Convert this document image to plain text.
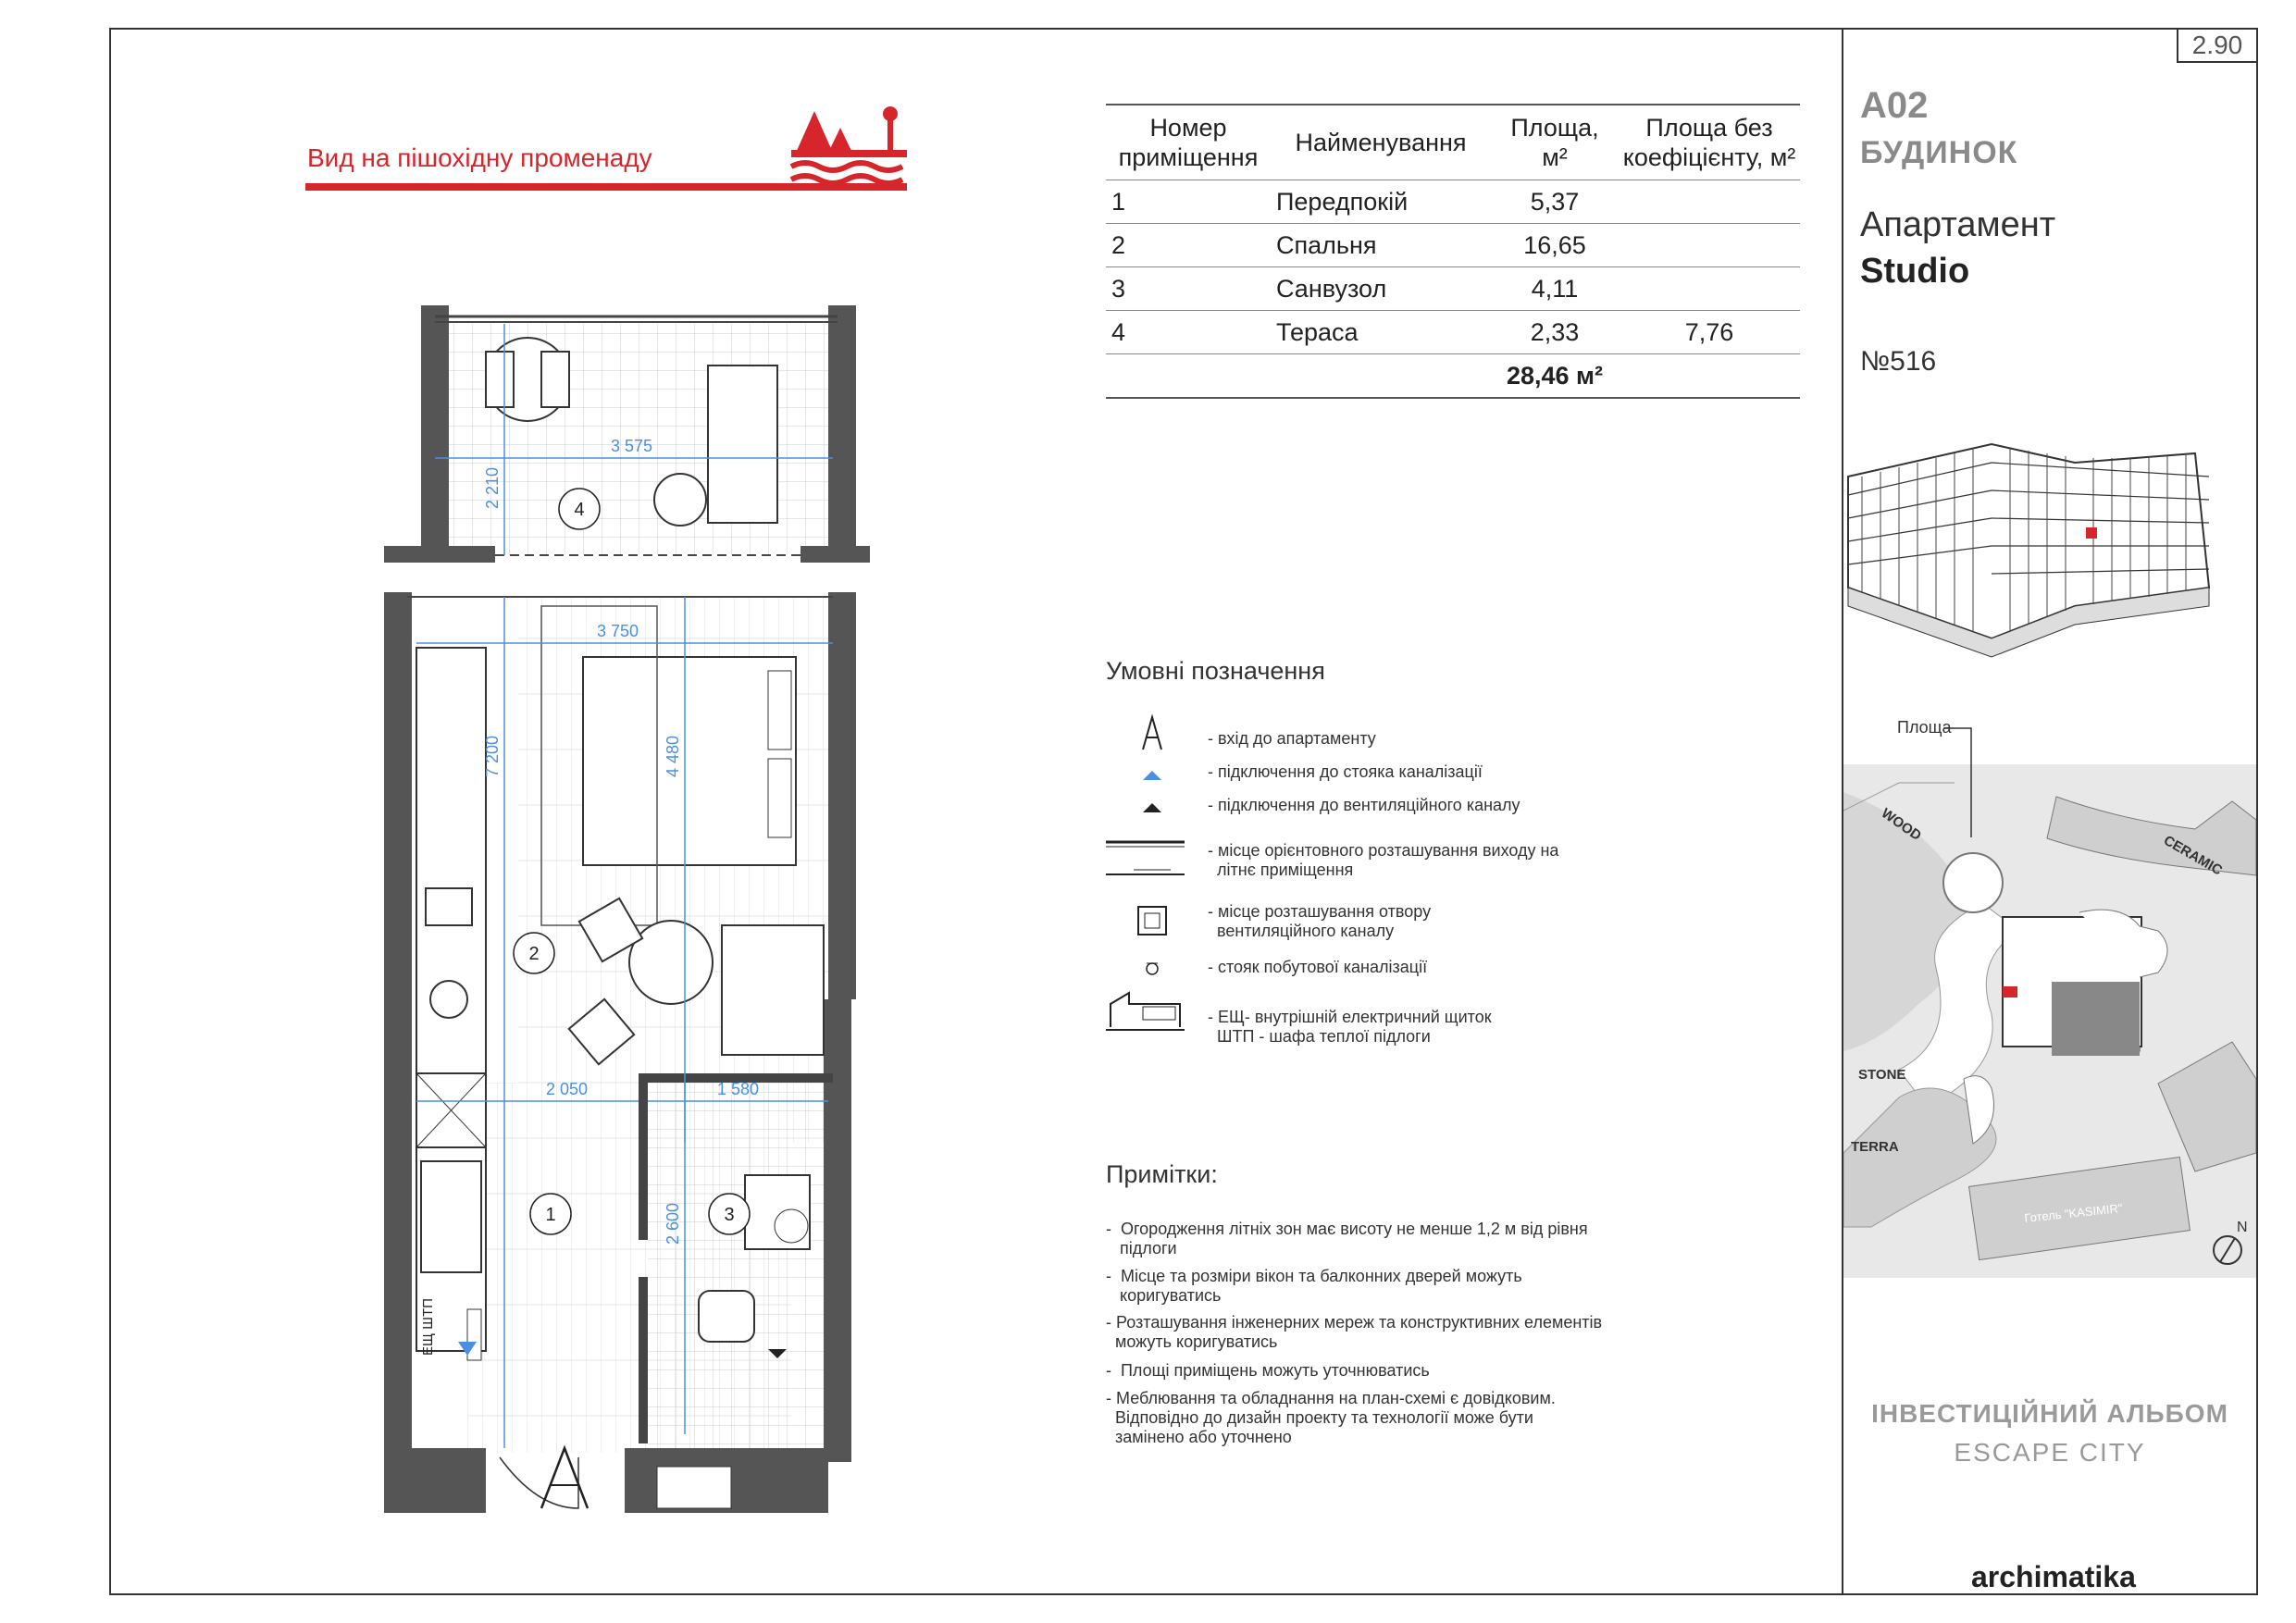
2.90
Вид на пішохідну променаду
3 575
2 210
3 750
7 200	4 480
2 050	1 580
2 600
4
2
1	3
ЕЩ ШТП
Номер приміщення	Найменування	Площа, м²	Площа без коефіцієнту, м²
1	Передпокій	5,37	
2	Спальня	16,65	
3	Санвузол	4,11	
4	Тераса	2,33	7,76
		28,46 м²	
Умовні позначення
- вхід до апартаменту
- підключення до стояка каналізації
- підключення до вентиляційного каналу
- місце орієнтовного розташування виходу на
літнє приміщення
- місце розташування отвору
вентиляційного каналу
- стояк побутової каналізації
- ЕЩ- внутрішній електричний щиток
ШТП - шафа теплої підлоги
Примітки:
-  Огородження літніх зон має висоту не менше 1,2 м від рівня
підлоги
-  Місце та розміри вікон та балконних дверей можуть
коригуватись
- Розташування інженерних мереж та конструктивних елементів
можуть коригуватись
-  Площі приміщень можуть уточнюватись
- Меблювання та обладнання на план-схемі є довідковим.
Відповідно до дизайн проекту та технології може бути
замінено або уточнено
A02
БУДИНОК
Апартамент
Studio
№516
WOOD
CERAMIC
STONE
TERRA
Готель "KASIMIR"
N
Площа
ІНВЕСТИЦІЙНИЙ АЛЬБОМ
ESCAPE CITY
archimatika
